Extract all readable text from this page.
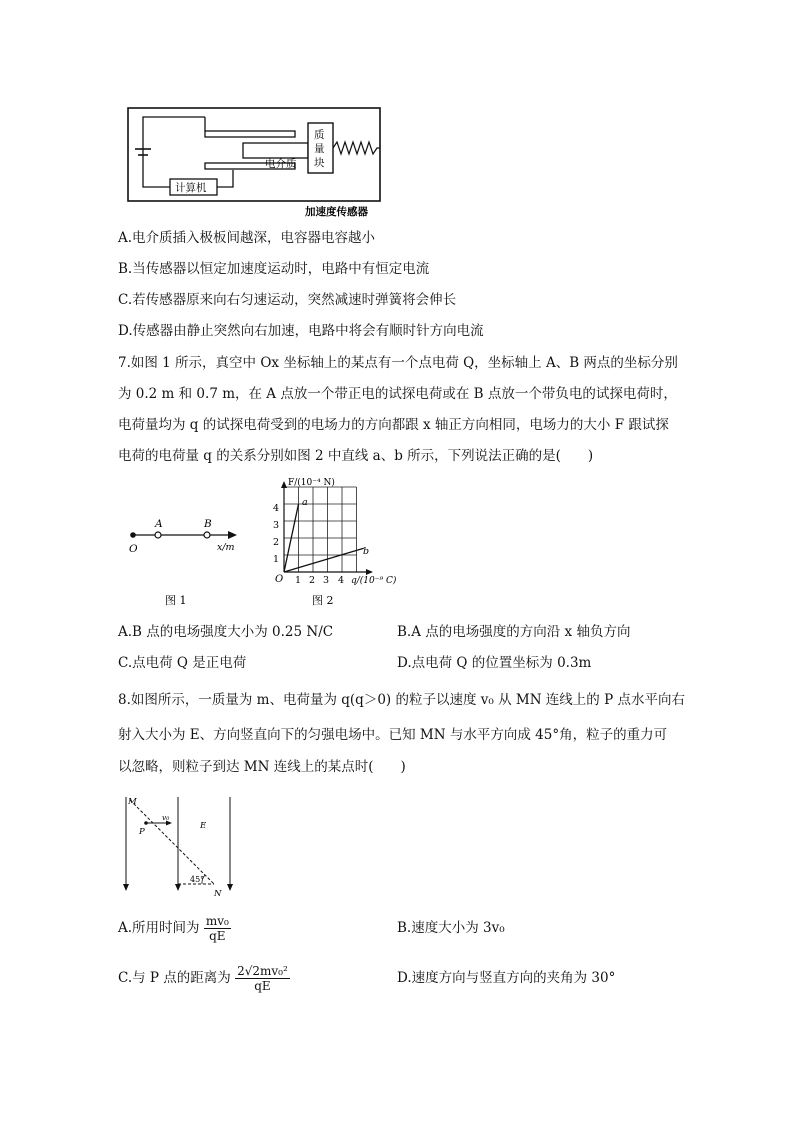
电介质
质
量
块
计算机
加速度传感器
A.电介质插入极板间越深，电容器电容越小
B.当传感器以恒定加速度运动时，电路中有恒定电流
C.若传感器原来向右匀速运动，突然减速时弹簧将会伸长
D.传感器由静止突然向右加速，电路中将会有顺时针方向电流
7.如图 1 所示，真空中 Ox 坐标轴上的某点有一个点电荷 Q，坐标轴上 A、B 两点的坐标分别
为 0.2 m 和 0.7 m，在 A 点放一个带正电的试探电荷或在 B 点放一个带负电的试探电荷时，
电荷量均为 q 的试探电荷受到的电场力的方向都跟 x 轴正方向相同，电场力的大小 F 跟试探
电荷的电荷量 q 的关系分别如图 2 中直线 a、b 所示，下列说法正确的是(　　)
A	B
O	x/m
图 1
F/(10⁻⁴ N)
O
1
2
3
4
1 2 3 4 q/(10⁻⁹ C)
a
b
图 2
A.B 点的电场强度大小为 0.25 N/C	B.A 点的电场强度的方向沿 x 轴负方向
C.点电荷 Q 是正电荷	D.点电荷 Q 的位置坐标为 0.3m
8.如图所示，一质量为 m、电荷量为 q(q＞0) 的粒子以速度 v₀ 从 MN 连线上的 P 点水平向右
射入大小为 E、方向竖直向下的匀强电场中。已知 MN 与水平方向成 45°角，粒子的重力可
以忽略，则粒子到达 MN 连线上的某点时(　　)
M
P
N
E
v₀
45°
A.所用时间为 $\frac{\text{mv₀}}{qE}$	B.速度大小为 3v₀
C.与 P 点的距离为 $\frac{\text{2√2mv₀²}}{qE}$	D.速度方向与竖直方向的夹角为 30°
